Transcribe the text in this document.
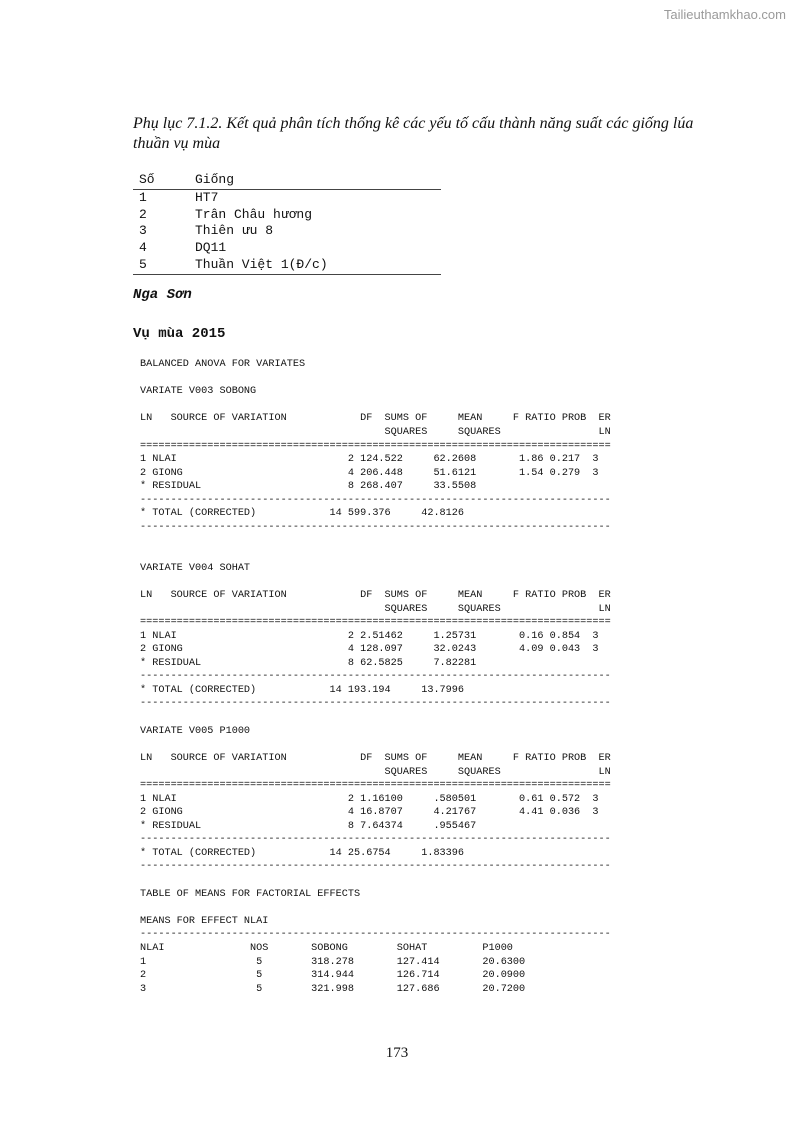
Tailieuthamkhao.com
Phụ lục 7.1.2. Kết quả phân tích thống kê các yếu tố cấu thành năng suất các giống lúa thuần vụ mùa
Số	Giống
1	HT7
2	Trân Châu hương
3	Thiên ưu 8
4	DQ11
5	Thuần Việt 1(Đ/c)
Nga Sơn
Vụ mùa 2015
BALANCED ANOVA FOR VARIATES
VARIATE V003 SOBONG
LN   SOURCE OF VARIATION            DF  SUMS OF     MEAN     F RATIO PROB  ER
SQUARES     SQUARES                LN
=============================================================================
1 NLAI                            2 124.522     62.2608       1.86 0.217  3
2 GIONG                           4 206.448     51.6121       1.54 0.279  3
* RESIDUAL                        8 268.407     33.5508
-----------------------------------------------------------------------------
* TOTAL (CORRECTED)            14 599.376     42.8126
-----------------------------------------------------------------------------
VARIATE V004 SOHAT
LN   SOURCE OF VARIATION            DF  SUMS OF     MEAN     F RATIO PROB  ER
SQUARES     SQUARES                LN
=============================================================================
1 NLAI                            2 2.51462     1.25731       0.16 0.854  3
2 GIONG                           4 128.097     32.0243       4.09 0.043  3
* RESIDUAL                        8 62.5825     7.82281
-----------------------------------------------------------------------------
* TOTAL (CORRECTED)            14 193.194     13.7996
-----------------------------------------------------------------------------
VARIATE V005 P1000
LN   SOURCE OF VARIATION            DF  SUMS OF     MEAN     F RATIO PROB  ER
SQUARES     SQUARES                LN
=============================================================================
1 NLAI                            2 1.16100     .580501       0.61 0.572  3
2 GIONG                           4 16.8707     4.21767       4.41 0.036  3
* RESIDUAL                        8 7.64374     .955467
-----------------------------------------------------------------------------
* TOTAL (CORRECTED)            14 25.6754     1.83396
-----------------------------------------------------------------------------
TABLE OF MEANS FOR FACTORIAL EFFECTS
MEANS FOR EFFECT NLAI
-----------------------------------------------------------------------------
NLAI              NOS       SOBONG        SOHAT         P1000
1                  5        318.278       127.414       20.6300
2                  5        314.944       126.714       20.0900
3                  5        321.998       127.686       20.7200
173
